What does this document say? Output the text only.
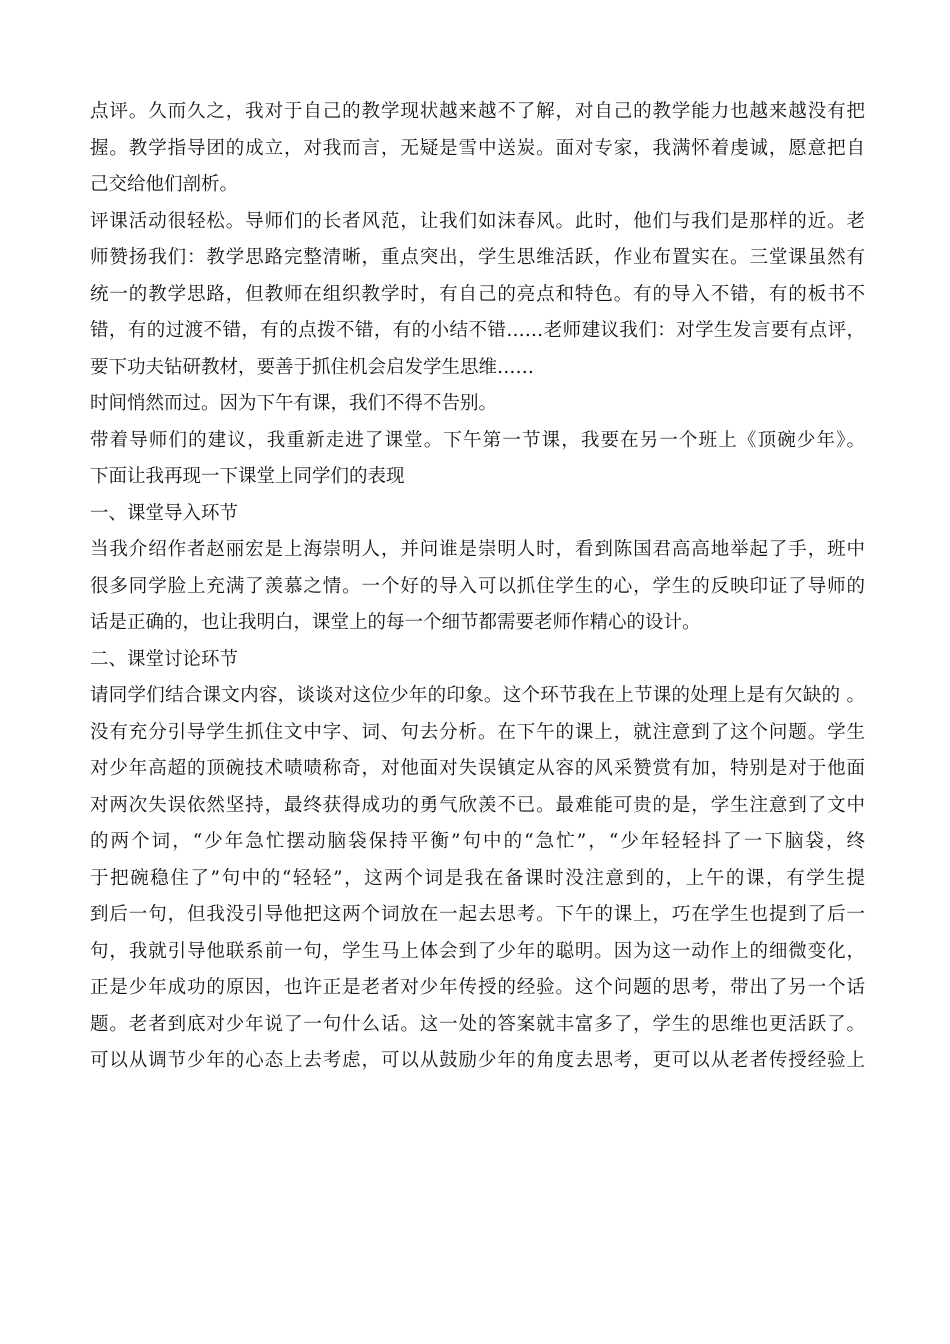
点评。久而久之，我对于自己的教学现状越来越不了解，对自己的教学能力也越来越没有把
握。教学指导团的成立，对我而言，无疑是雪中送炭。面对专家，我满怀着虔诚，愿意把自
己交给他们剖析。
评课活动很轻松。导师们的长者风范，让我们如沫春风。此时，他们与我们是那样的近。老
师赞扬我们：教学思路完整清晰，重点突出，学生思维活跃，作业布置实在。三堂课虽然有
统一的教学思路，但教师在组织教学时，有自己的亮点和特色。有的导入不错，有的板书不
错，有的过渡不错，有的点拨不错，有的小结不错……老师建议我们：对学生发言要有点评，
要下功夫钻研教材，要善于抓住机会启发学生思维……
时间悄然而过。因为下午有课，我们不得不告别。
带着导师们的建议，我重新走进了课堂。下午第一节课，我要在另一个班上《顶碗少年》。
下面让我再现一下课堂上同学们的表现
一、课堂导入环节
当我介绍作者赵丽宏是上海崇明人，并问谁是崇明人时，看到陈国君高高地举起了手，班中
很多同学脸上充满了羡慕之情。一个好的导入可以抓住学生的心，学生的反映印证了导师的
话是正确的，也让我明白，课堂上的每一个细节都需要老师作精心的设计。
二、课堂讨论环节
请同学们结合课文内容，谈谈对这位少年的印象。这个环节我在上节课的处理上是有欠缺的 。
没有充分引导学生抓住文中字、词、句去分析。在下午的课上，就注意到了这个问题。学生
对少年高超的顶碗技术啧啧称奇，对他面对失误镇定从容的风采赞赏有加，特别是对于他面
对两次失误依然坚持，最终获得成功的勇气欣羡不已。最难能可贵的是，学生注意到了文中
的两个词，“少年急忙摆动脑袋保持平衡”句中的“急忙”，“少年轻轻抖了一下脑袋，终
于把碗稳住了”句中的“轻轻”，这两个词是我在备课时没注意到的，上午的课，有学生提
到后一句，但我没引导他把这两个词放在一起去思考。下午的课上，巧在学生也提到了后一
句，我就引导他联系前一句，学生马上体会到了少年的聪明。因为这一动作上的细微变化，
正是少年成功的原因，也许正是老者对少年传授的经验。这个问题的思考，带出了另一个话
题。老者到底对少年说了一句什么话。这一处的答案就丰富多了，学生的思维也更活跃了。
可以从调节少年的心态上去考虑，可以从鼓励少年的角度去思考，更可以从老者传授经验上
